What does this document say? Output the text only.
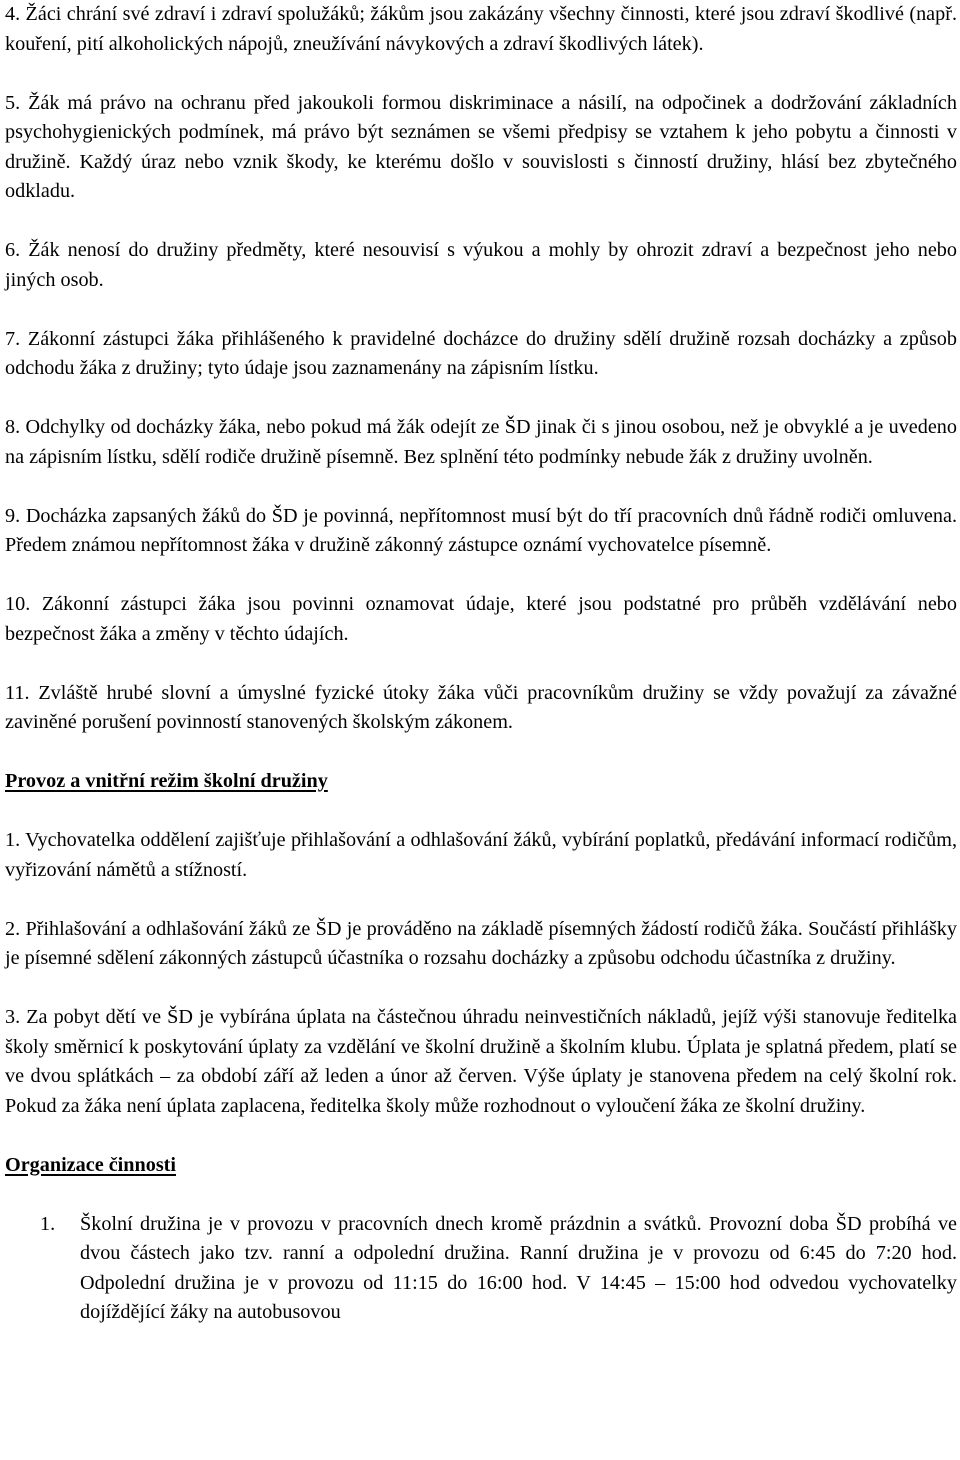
4. Žáci chrání své zdraví i zdraví spolužáků; žákům jsou zakázány všechny činnosti, které jsou zdraví škodlivé (např. kouření, pití alkoholických nápojů, zneužívání návykových a zdraví škodlivých látek).

5. Žák má právo na ochranu před jakoukoli formou diskriminace a násilí, na odpočinek a dodržování základních psychohygienických podmínek, má právo být seznámen se všemi předpisy se vztahem k jeho pobytu a činnosti v družině. Každý úraz nebo vznik škody, ke kterému došlo v souvislosti s činností družiny, hlásí bez zbytečného odkladu.

6. Žák nenosí do družiny předměty, které nesouvisí s výukou a mohly by ohrozit zdraví a bezpečnost jeho nebo jiných osob.

7. Zákonní zástupci žáka přihlášeného k pravidelné docházce do družiny sdělí družině rozsah docházky a způsob odchodu žáka z družiny; tyto údaje jsou zaznamenány na zápisním lístku.

8. Odchylky od docházky žáka, nebo pokud má žák odejít ze ŠD jinak či s jinou osobou, než je obvyklé a je uvedeno na zápisním lístku, sdělí rodiče družině písemně. Bez splnění této podmínky nebude žák z družiny uvolněn.

9. Docházka zapsaných žáků do ŠD je povinná, nepřítomnost musí být do tří pracovních dnů řádně rodiči omluvena. Předem známou nepřítomnost žáka v družině zákonný zástupce oznámí vychovatelce písemně.

10. Zákonní zástupci žáka jsou povinni oznamovat údaje, které jsou podstatné pro průběh vzdělávání nebo bezpečnost žáka a změny v těchto údajích.

11. Zvláště hrubé slovní a úmyslné fyzické útoky žáka vůči pracovníkům družiny se vždy považují za závažné zaviněné porušení povinností stanovených školským zákonem.

Provoz a vnitřní režim školní družiny

1. Vychovatelka oddělení zajišťuje přihlašování a odhlašování žáků, vybírání poplatků, předávání informací rodičům, vyřizování námětů a stížností.

2. Přihlašování a odhlašování žáků ze ŠD je prováděno na základě písemných žádostí rodičů žáka. Součástí přihlášky je písemné sdělení zákonných zástupců účastníka o rozsahu docházky a způsobu odchodu účastníka z družiny.

3. Za pobyt dětí ve ŠD je vybírána úplata na částečnou úhradu neinvestičních nákladů, jejíž výši stanovuje ředitelka školy směrnicí k poskytování úplaty za vzdělání ve školní družině a školním klubu. Úplata je splatná předem, platí se ve dvou splátkách – za období září až leden a únor až červen. Výše úplaty je stanovena předem na celý školní rok. Pokud za žáka není úplata zaplacena, ředitelka školy může rozhodnout o vyloučení žáka ze školní družiny.

Organizace činnosti
1.	Školní družina je v provozu v pracovních dnech kromě prázdnin a svátků. Provozní doba ŠD probíhá ve dvou částech jako tzv. ranní a odpolední družina. Ranní družina je v provozu od 6:45 do 7:20 hod. Odpolední družina je v provozu od 11:15 do 16:00 hod. V 14:45 – 15:00 hod odvedou vychovatelky dojíždějící žáky na autobusovou
